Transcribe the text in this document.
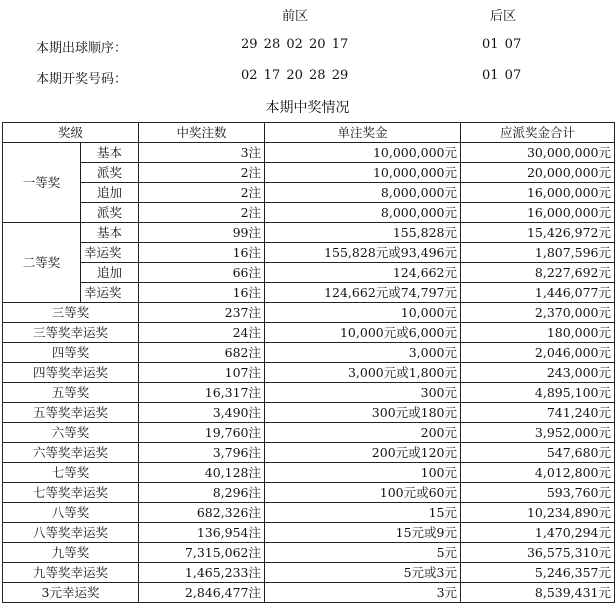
前区	后区
本期出球顺序：	29 28 02 20 17	01 07
本期开奖号码：	02 17 20 28 29	01 07
本期中奖情况
奖级		中奖注数	单注奖金	应派奖金合计
一等奖	基本	3注	10,000,000元	30,000,000元
	派奖	2注	10,000,000元	20,000,000元
	追加	2注	8,000,000元	16,000,000元
	派奖	2注	8,000,000元	16,000,000元
二等奖	基本	99注	155,828元	15,426,972元
	幸运奖	16注	155,828元或93,496元	1,807,596元
	追加	66注	124,662元	8,227,692元
	幸运奖	16注	124,662元或74,797元	1,446,077元
三等奖		237注	10,000元	2,370,000元
三等奖幸运奖		24注	10,000元或6,000元	180,000元
四等奖		682注	3,000元	2,046,000元
四等奖幸运奖		107注	3,000元或1,800元	243,000元
五等奖		16,317注	300元	4,895,100元
五等奖幸运奖		3,490注	300元或180元	741,240元
六等奖		19,760注	200元	3,952,000元
六等奖幸运奖		3,796注	200元或120元	547,680元
七等奖		40,128注	100元	4,012,800元
七等奖幸运奖		8,296注	100元或60元	593,760元
八等奖		682,326注	15元	10,234,890元
八等奖幸运奖		136,954注	15元或9元	1,470,294元
九等奖		7,315,062注	5元	36,575,310元
九等奖幸运奖		1,465,233注	5元或3元	5,246,357元
3元幸运奖		2,846,477注	3元	8,539,431元
